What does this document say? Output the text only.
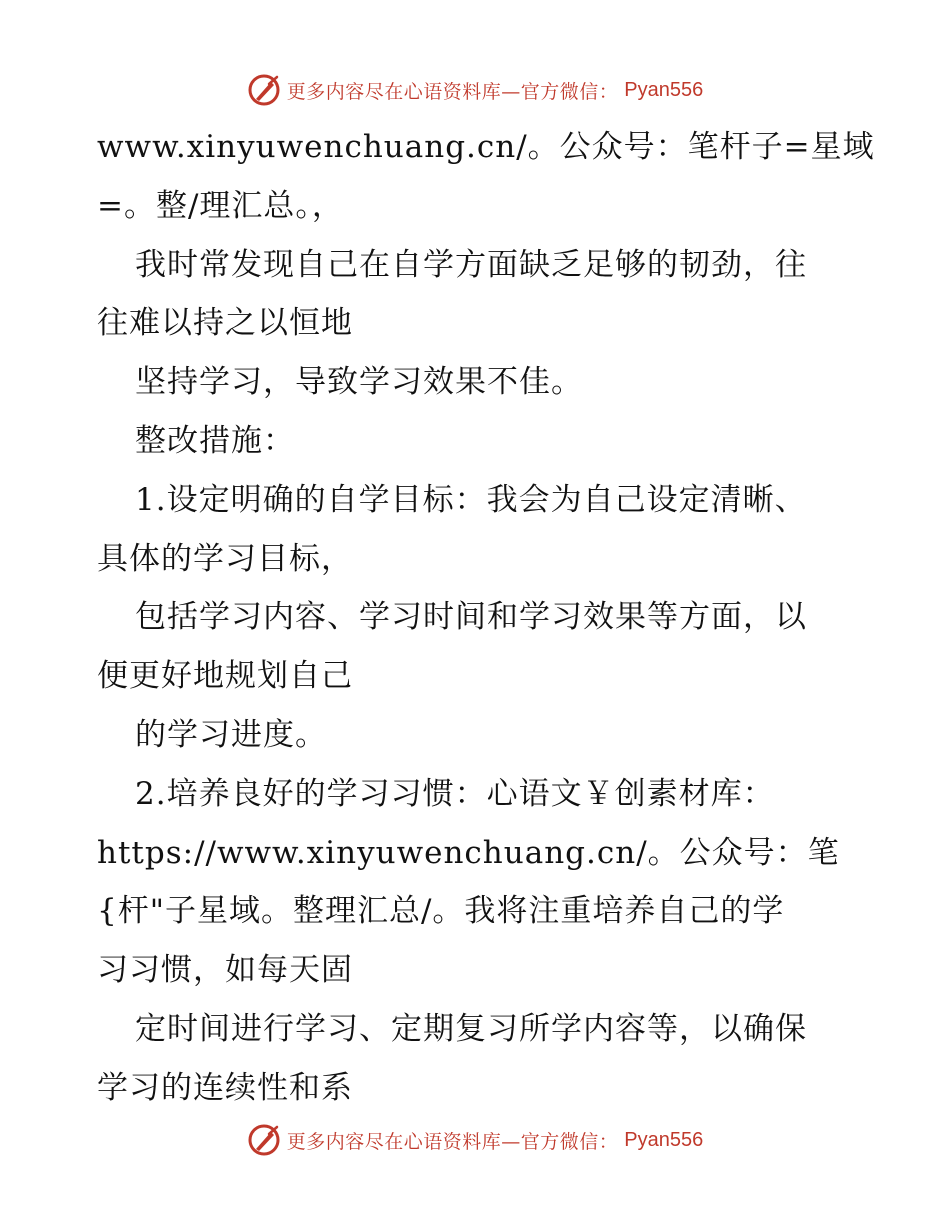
更多内容尽在心语资料库—官方微信： Pyan556
www.xinyuwenchuang.cn/。公众号：笔杆子=星域
=。整/理汇总。，
我时常发现自己在自学方面缺乏足够的韧劲，往
往难以持之以恒地
坚持学习，导致学习效果不佳。
整改措施：
1.设定明确的自学目标：我会为自己设定清晰、
具体的学习目标，
包括学习内容、学习时间和学习效果等方面，以
便更好地规划自己
的学习进度。
2.培养良好的学习习惯：心语文￥创素材库：
https://www.xinyuwenchuang.cn/。公众号：笔
{杆"子星域。整理汇总/。我将注重培养自己的学
习习惯，如每天固
定时间进行学习、定期复习所学内容等，以确保
学习的连续性和系
更多内容尽在心语资料库—官方微信： Pyan556
